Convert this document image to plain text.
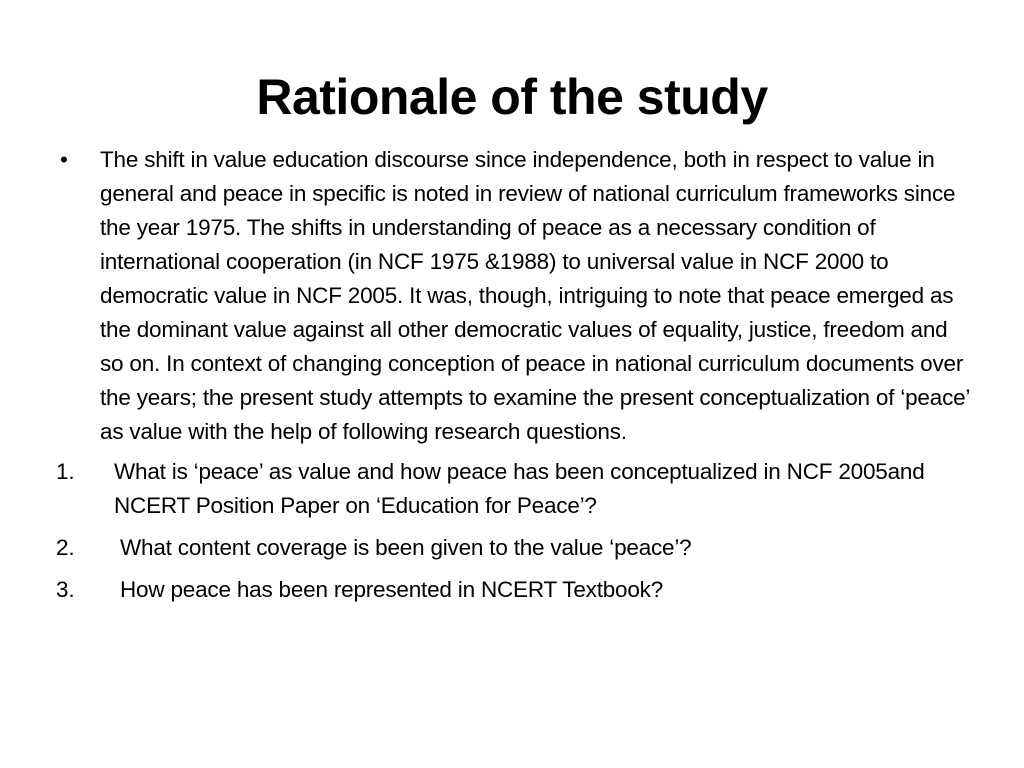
Rationale of the study
• The shift in value education discourse since independence, both in respect to value in general and peace in specific is noted in review of national curriculum frameworks since the year 1975. The shifts in understanding of peace as a necessary condition of international cooperation (in NCF 1975 &1988) to universal value in NCF 2000 to democratic value in NCF 2005. It was, though, intriguing to note that peace emerged as the dominant value against all other democratic values of equality, justice, freedom and so on. In context of changing conception of peace in national curriculum documents over the years; the present study attempts to examine the present conceptualization of ‘peace’ as value with the help of following research questions.
1. What is ‘peace’ as value and how peace has been conceptualized in NCF 2005and NCERT Position Paper on ‘Education for Peace’?
2. What content coverage is been given to the value ‘peace’?
3. How peace has been represented in NCERT Textbook?
